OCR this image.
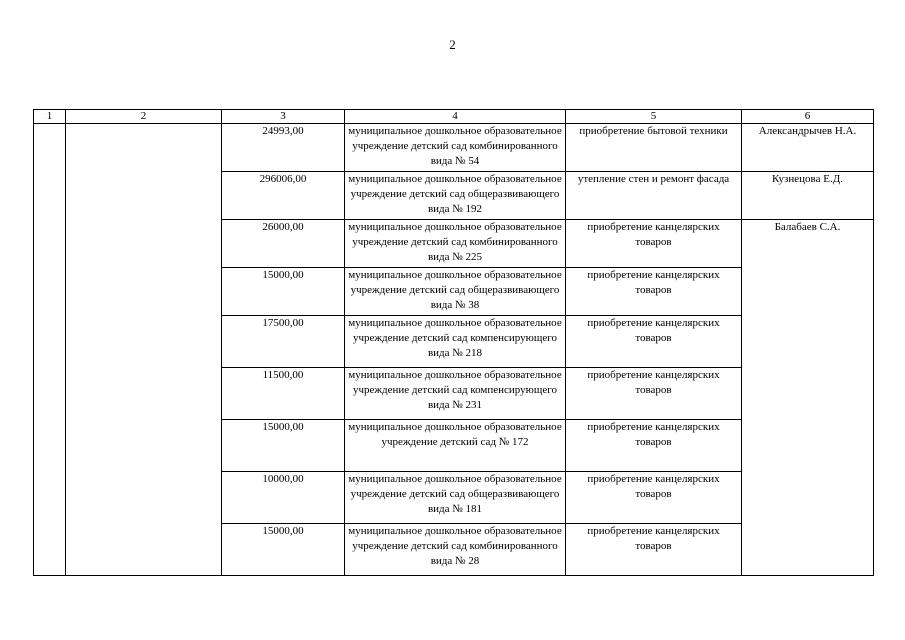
2
1	2	3	4	5	6
		24993,00	муниципальное дошкольное образовательное учреждение детский сад комбинированного вида № 54	приобретение бытовой техники	Александрычев Н.А.
		296006,00	муниципальное дошкольное образовательное учреждение детский сад общеразвивающего вида № 192	утепление стен и ремонт фасада	Кузнецова Е.Д.
		26000,00	муниципальное дошкольное образовательное учреждение детский сад комбинированного вида № 225	приобретение канцелярских товаров	Балабаев С.А.
		15000,00	муниципальное дошкольное образовательное учреждение детский сад общеразвивающего вида № 38	приобретение канцелярских товаров	
		17500,00	муниципальное дошкольное образовательное учреждение детский сад компенсирующего вида № 218	приобретение канцелярских товаров	
		11500,00	муниципальное дошкольное образовательное учреждение детский сад компенсирующего вида № 231	приобретение канцелярских товаров	
		15000,00	муниципальное дошкольное образовательное учреждение детский сад № 172	приобретение канцелярских товаров	
		10000,00	муниципальное дошкольное образовательное учреждение детский сад общеразвивающего вида № 181	приобретение канцелярских товаров	
		15000,00	муниципальное дошкольное образовательное учреждение детский сад комбинированного вида № 28	приобретение канцелярских товаров	
